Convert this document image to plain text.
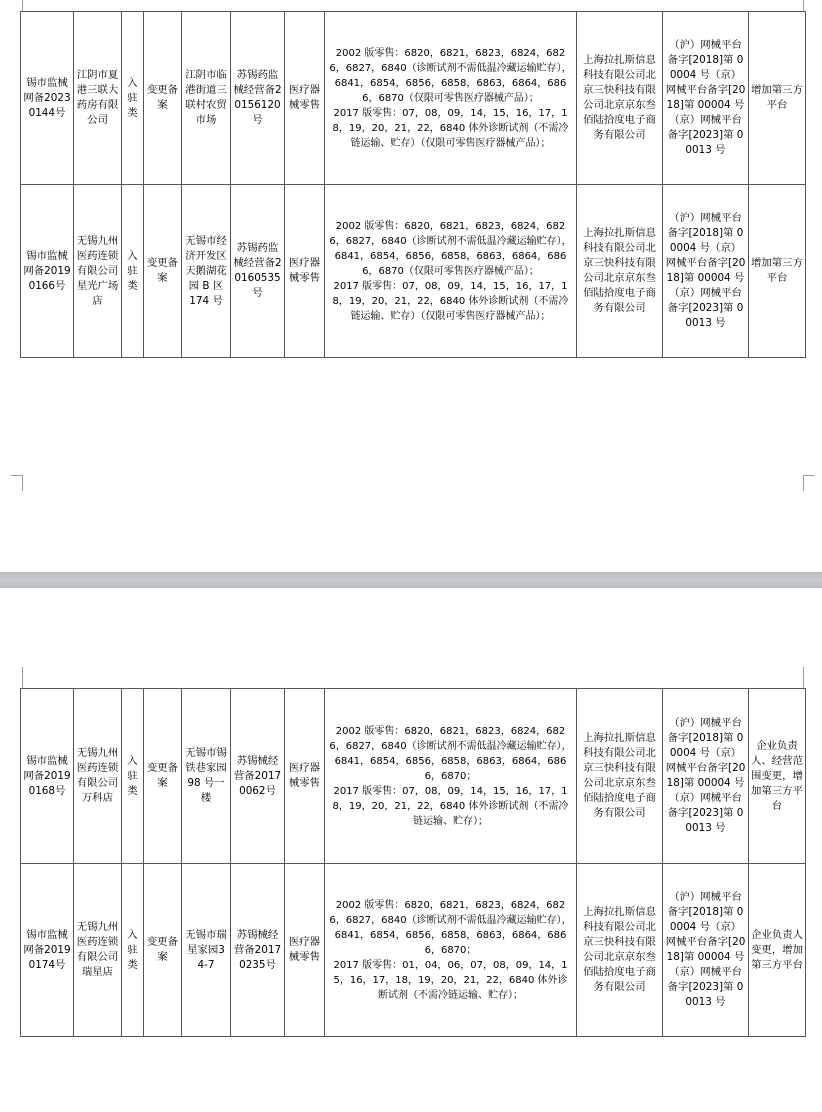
锡市监械网备20230144号	江阴市夏港三联大药房有限公司	入驻类	变更备案	江阴市临港街道三联村农贸市场	苏锡药监械经营备20156120号	医疗器械零售	2002 版零售：6820，6821，6823，6824，6826，6827，6840（诊断试剂不需低温冷藏运输贮存），6841，6854，6856，6858，6863，6864，6866，6870（仅限可零售医疗器械产品）；
2017 版零售：07，08，09，14，15，16，17，18，19，20，21，22，6840 体外诊断试剂（不需冷链运输、贮存）（仅限可零售医疗器械产品）；	上海拉扎斯信息科技有限公司北京三快科技有限公司北京京东叁佰陆拾度电子商务有限公司	（沪）网械平台备字[2018]第 00004 号（京）网械平台备字[2018]第 00004 号（京）网械平台备字[2023]第 00013 号	增加第三方平台
锡市监械网备20190166号	无锡九州医药连锁有限公司星光广场店	入驻类	变更备案	无锡市经济开发区天鹅湖花园 B 区 174 号	苏锡药监械经营备20160535号	医疗器械零售	2002 版零售：6820，6821，6823，6824，6826，6827，6840（诊断试剂不需低温冷藏运输贮存），6841，6854，6856，6858，6863，6864，6866，6870（仅限可零售医疗器械产品）；
2017 版零售：07，08，09，14，15，16，17，18，19，20，21，22，6840 体外诊断试剂（不需冷链运输、贮存）（仅限可零售医疗器械产品）；	上海拉扎斯信息科技有限公司北京三快科技有限公司北京京东叁佰陆拾度电子商务有限公司	（沪）网械平台备字[2018]第 00004 号（京）网械平台备字[2018]第 00004 号（京）网械平台备字[2023]第 00013 号	增加第三方平台
锡市监械网备20190168号	无锡九州医药连锁有限公司万科店	入驻类	变更备案	无锡市锡铁巷家园 98 号一楼	苏锡械经营备20170062号	医疗器械零售	2002 版零售：6820，6821，6823，6824，6826，6827，6840（诊断试剂不需低温冷藏运输贮存），6841，6854，6856，6858，6863，6864，6866，6870；
2017 版零售：07，08，09，14，15，16，17，18，19，20，21，22，6840 体外诊断试剂（不需冷链运输、贮存）；	上海拉扎斯信息科技有限公司北京三快科技有限公司北京京东叁佰陆拾度电子商务有限公司	（沪）网械平台备字[2018]第 00004 号（京）网械平台备字[2018]第 00004 号（京）网械平台备字[2023]第 00013 号	企业负责人、经营范围变更，增加第三方平台
锡市监械网备20190174号	无锡九州医药连锁有限公司瑞星店	入驻类	变更备案	无锡市瑞星家园34-7	苏锡械经营备20170235号	医疗器械零售	2002 版零售：6820，6821，6823，6824，6826，6827，6840（诊断试剂不需低温冷藏运输贮存），6841，6854，6856，6858，6863，6864，6866，6870；
2017 版零售：01，04，06，07，08，09，14，15，16，17，18，19，20，21，22，6840 体外诊断试剂（不需冷链运输、贮存）；	上海拉扎斯信息科技有限公司北京三快科技有限公司北京京东叁佰陆拾度电子商务有限公司	（沪）网械平台备字[2018]第 00004 号（京）网械平台备字[2018]第 00004 号（京）网械平台备字[2023]第 00013 号	企业负责人变更，增加第三方平台
